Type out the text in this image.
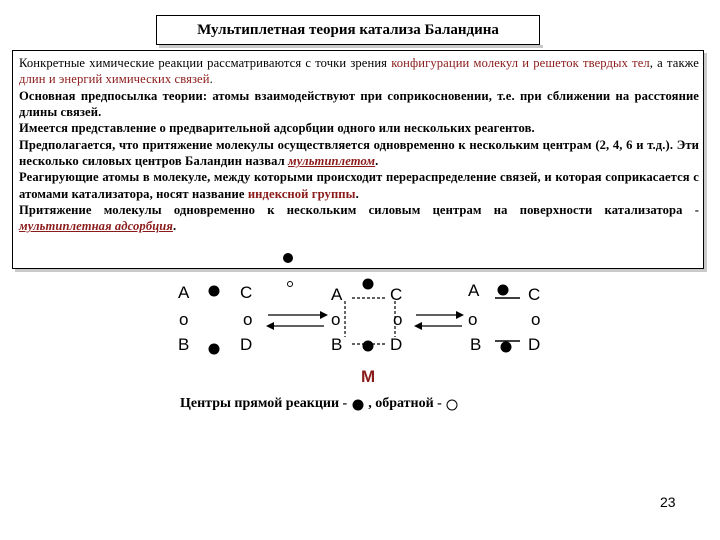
Мультиплетная теория катализа Баландина

Конкретные химические реакции рассматриваются с точки зрения конфигурации молекул и решеток твердых тел, а также длин и энергий химических связей.

Основная предпосылка теории: атомы взаимодействуют при соприкосновении, т.е. при сближении на расстояние длины связей.

Имеется представление о предварительной адсорбции одного или нескольких реагентов.

Предполагается, что притяжение молекулы осуществляется одновременно к нескольким центрам (2, 4, 6 и т.д.). Эти несколько силовых центров Баландин назвал мультиплетом.

Реагирующие атомы в молекуле, между которыми происходит перераспределение связей, и которая соприкасается с атомами катализатора, носят название индексной группы.

Притяжение молекулы одновременно к нескольким силовым центрам на поверхности катализатора - мультиплетная адсорбция.

A	C
o	o
B	D
A	C
o	o
B	D
M
A	C
o	o
B	D
Центры прямой реакции - , обратной -
23
